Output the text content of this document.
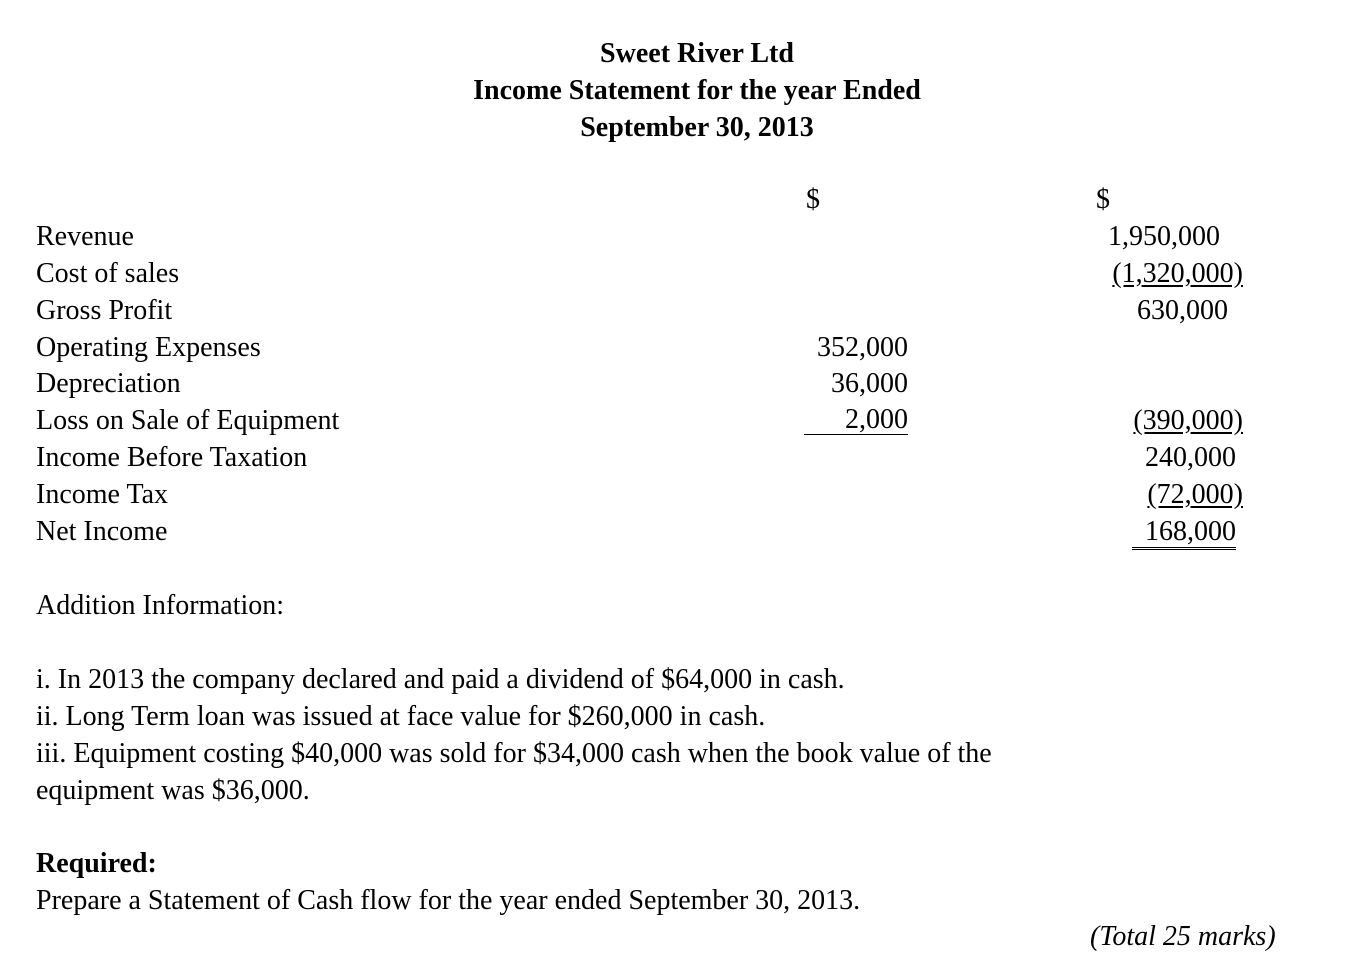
Sweet River Ltd
Income Statement for the year Ended
September 30, 2013
$	$
Revenue
Cost of sales
Gross Profit
Operating Expenses
Depreciation
Loss on Sale of Equipment
Income Before Taxation
Income Tax
Net Income
352,000
36,000
2,000
1,950,000
(1,320,000)
630,000
(390,000)
240,000
(72,000)
168,000
Addition Information:
i. In 2013 the company declared and paid a dividend of $64,000 in cash.
ii. Long Term loan was issued at face value for $260,000 in cash.
iii. Equipment costing $40,000 was sold for $34,000 cash when the book value of the
equipment was $36,000.
Required:
Prepare a Statement of Cash flow for the year ended September 30, 2013.
(Total 25 marks)
